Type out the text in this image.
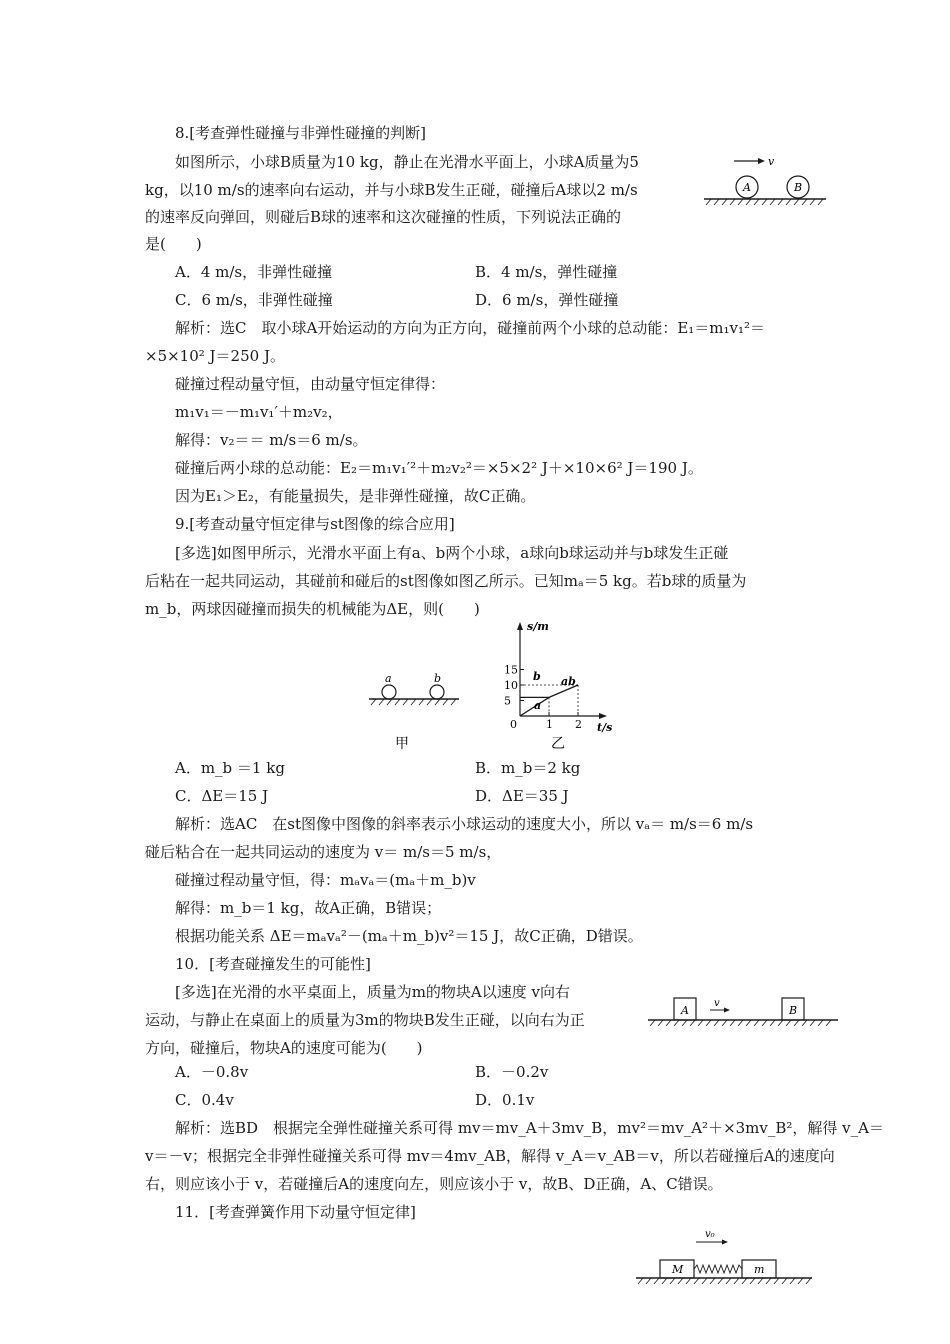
8.[考查弹性碰撞与非弹性碰撞的判断]
如图所示，小球B质量为10 kg，静止在光滑水平面上，小球A质量为5
kg，以10 m/s的速率向右运动，并与小球B发生正碰，碰撞后A球以2 m/s
的速率反向弹回，则碰后B球的速率和这次碰撞的性质，下列说法正确的
是(　　)
v
A	B
A．4 m/s，非弹性碰撞	B．4 m/s，弹性碰撞
C．6 m/s，非弹性碰撞	D．6 m/s，弹性碰撞
解析：选C　取小球A开始运动的方向为正方向，碰撞前两个小球的总动能：E₁＝m₁v₁²＝
×5×10² J＝250 J。
碰撞过程动量守恒，由动量守恒定律得：
m₁v₁＝－m₁v₁′＋m₂v₂，
解得：v₂＝＝ m/s＝6 m/s。
碰撞后两小球的总动能：E₂＝m₁v₁′²＋m₂v₂²＝×5×2² J＋×10×6² J＝190 J。
因为E₁＞E₂，有能量损失，是非弹性碰撞，故C正确。
9.[考查动量守恒定律与st图像的综合应用]
[多选]如图甲所示，光滑水平面上有a、b两个小球，a球向b球运动并与b球发生正碰
后粘在一起共同运动，其碰前和碰后的st图像如图乙所示。已知mₐ＝5 kg。若b球的质量为
m_b，两球因碰撞而损失的机械能为ΔE，则(　　)
a	b
甲
s/m
t/s
0
15
10
5
1 2
b
a
ab
乙
A．m_b ＝1 kg	B．m_b＝2 kg
C．ΔE＝15 J	D．ΔE＝35 J
解析：选AC　在st图像中图像的斜率表示小球运动的速度大小，所以 vₐ＝ m/s＝6 m/s
碰后粘合在一起共同运动的速度为 v＝ m/s＝5 m/s，
碰撞过程动量守恒，得：mₐvₐ＝(mₐ＋m_b)v
解得：m_b＝1 kg，故A正确，B错误；
根据功能关系 ΔE＝mₐvₐ²－(mₐ＋m_b)v²＝15 J，故C正确，D错误。
10．[考查碰撞发生的可能性]
[多选]在光滑的水平桌面上，质量为m的物块A以速度 v向右
运动，与静止在桌面上的质量为3m的物块B发生正碰，以向右为正
方向，碰撞后，物块A的速度可能为(　　)
A
v
B
A．－0.8v	B．－0.2v
C．0.4v	D．0.1v
解析：选BD　根据完全弹性碰撞关系可得 mv＝mv_A＋3mv_B，mv²＝mv_A²＋×3mv_B²，解得 v_A＝
v＝－v；根据完全非弹性碰撞关系可得 mv＝4mv_AB，解得 v_A＝v_AB＝v，所以若碰撞后A的速度向
右，则应该小于 v，若碰撞后A的速度向左，则应该小于 v，故B、D正确，A、C错误。
11．[考查弹簧作用下动量守恒定律]
v₀
M	m
